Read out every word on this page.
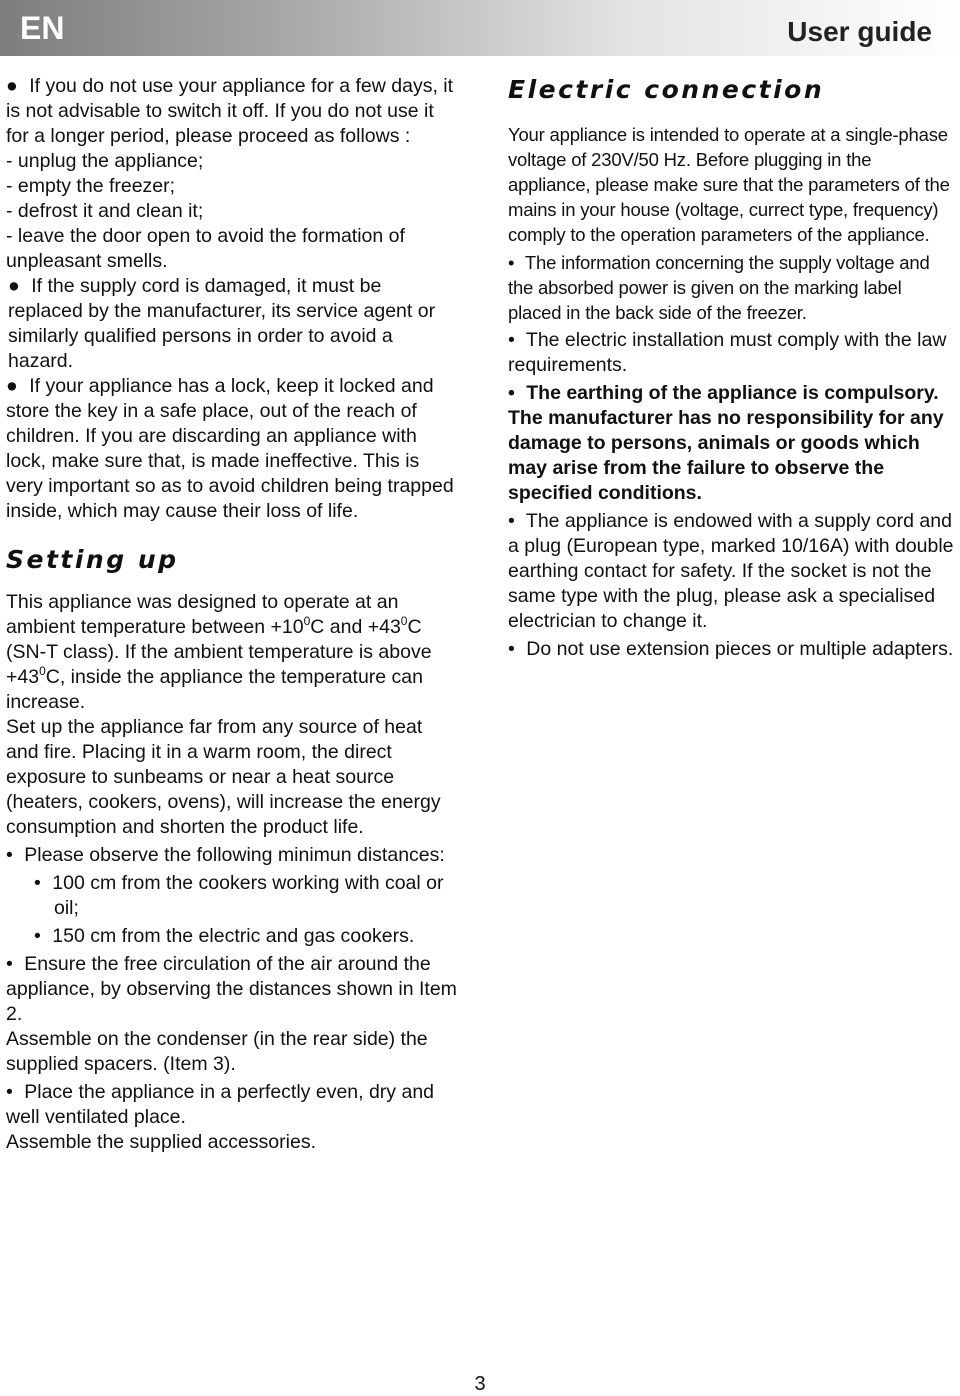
EN	User guide

● If you do not use your appliance for a few days, it is not advisable to switch it off. If you do not use it for a longer period, please proceed as follows :

- unplug the appliance;

- empty the freezer;

- defrost it and clean it;

- leave the door open to avoid the formation of unpleasant smells.

● If the supply cord is damaged, it must be replaced by the manufacturer, its service agent or similarly qualified persons in order to avoid a hazard.

● If your appliance has a lock, keep it locked and store the key in a safe place, out of the reach of children. If you are discarding an appliance with lock, make sure that, is made ineffective. This is very important so as to avoid children being trapped inside, which may cause their loss of life.

Setting up

This appliance was designed to operate at an ambient temperature between $+10^0C$ and $+43^0C$ (SN-T class). If the ambient temperature is above $+43^0C$, inside the appliance the temperature can increase.

Set up the appliance far from any source of heat and fire. Placing it in a warm room, the direct exposure to sunbeams or near a heat source (heaters, cookers, ovens), will increase the energy consumption and shorten the product life.

• Please observe the following minimun distances:

• 100 cm from the cookers working with coal or oil;

• 150 cm from the electric and gas cookers.

• Ensure the free circulation of the air around the appliance, by observing the distances shown in Item 2.

Assemble on the condenser (in the rear side) the supplied spacers. (Item 3).

• Place the appliance in a perfectly even, dry and well ventilated place.

Assemble the supplied accessories.

Electric connection

Your appliance is intended to operate at a single-phase voltage of 230V/50 Hz. Before plugging in the appliance, please make sure that the parameters of the mains in your house (voltage, currect type, frequency) comply to the operation parameters of the appliance.

• The information concerning the supply voltage and the absorbed power is given on the marking label placed in the back side of the freezer.

• The electric installation must comply with the law requirements.

• The earthing of the appliance is compulsory. The manufacturer has no responsibility for any damage to persons, animals or goods which may arise from the failure to observe the specified conditions.

• The appliance is endowed with a supply cord and a plug (European type, marked 10/16A) with double earthing contact for safety. If the socket is not the same type with the plug, please ask a specialised electrician to change it.

• Do not use extension pieces or multiple adapters.

3
